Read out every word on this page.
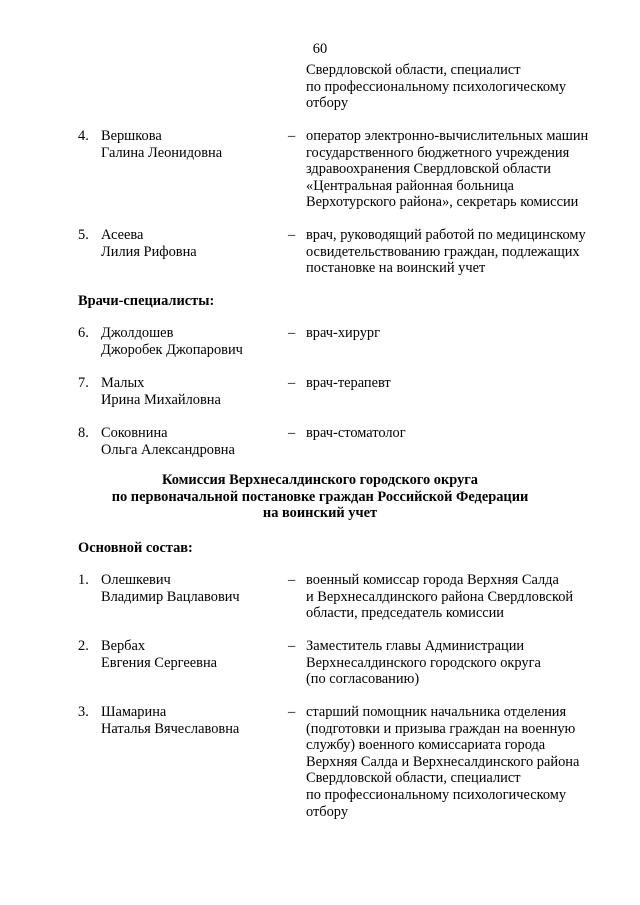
60
Свердловской области, специалист
по профессиональному психологическому
отбору
4. Вершкова
Галина Леонидовна
– оператор электронно-вычислительных машин
государственного бюджетного учреждения
здравоохранения Свердловской области
«Центральная районная больница
Верхотурского района», секретарь комиссии
5. Асеева
Лилия Рифовна
– врач, руководящий работой по медицинскому
освидетельствованию граждан, подлежащих
постановке на воинский учет
Врачи-специалисты:
6. Джолдошев
Джоробек Джопарович
– врач-хирург
7. Малых
Ирина Михайловна
– врач-терапевт
8. Соковнина
Ольга Александровна
– врач-стоматолог
Комиссия Верхнесалдинского городского округа
по первоначальной постановке граждан Российской Федерации
на воинский учет
Основной состав:
1. Олешкевич
Владимир Вацлавович
– военный комиссар города Верхняя Салда
и Верхнесалдинского района Свердловской
области, председатель комиссии
2. Вербах
Евгения Сергеевна
– Заместитель главы Администрации
Верхнесалдинского городского округа
(по согласованию)
3. Шамарина
Наталья Вячеславовна
– старший помощник начальника отделения
(подготовки и призыва граждан на военную
службу) военного комиссариата города
Верхняя Салда и Верхнесалдинского района
Свердловской области, специалист
по профессиональному психологическому
отбору
